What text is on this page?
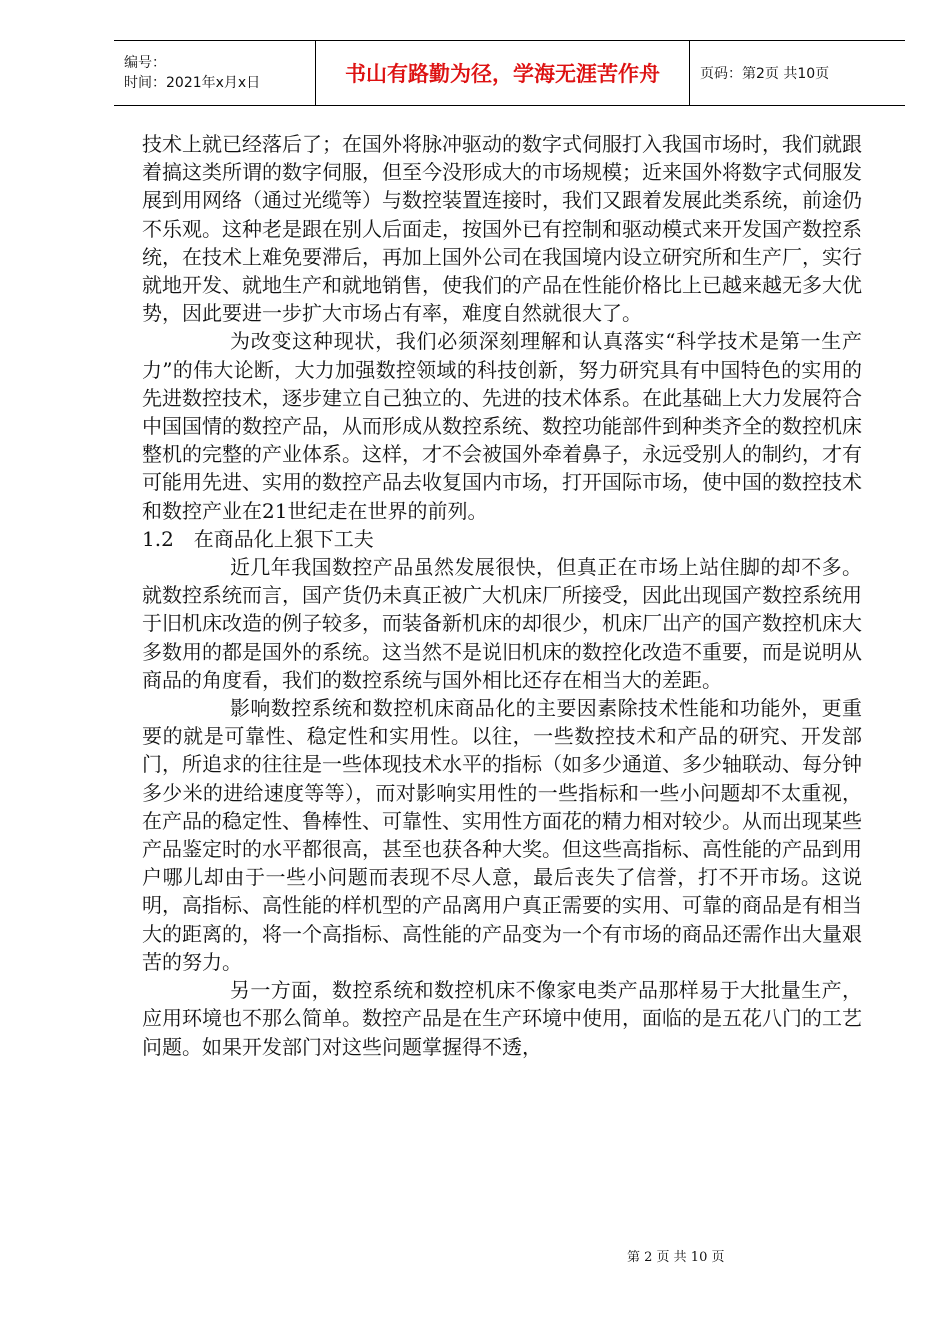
编号：
时间：2021年x月x日	书山有路勤为径，学海无涯苦作舟	页码：第2页 共10页

技术上就已经落后了；在国外将脉冲驱动的数字式伺服打入我国市场时，我们就跟着搞这类所谓的数字伺服，但至今没形成大的市场规模；近来国外将数字式伺服发展到用网络（通过光缆等）与数控装置连接时，我们又跟着发展此类系统，前途仍不乐观。这种老是跟在别人后面走，按国外已有控制和驱动模式来开发国产数控系统，在技术上难免要滞后，再加上国外公司在我国境内设立研究所和生产厂，实行就地开发、就地生产和就地销售，使我们的产品在性能价格比上已越来越无多大优势，因此要进一步扩大市场占有率，难度自然就很大了。

为改变这种现状，我们必须深刻理解和认真落实“科学技术是第一生产力”的伟大论断，大力加强数控领域的科技创新，努力研究具有中国特色的实用的先进数控技术，逐步建立自己独立的、先进的技术体系。在此基础上大力发展符合中国国情的数控产品，从而形成从数控系统、数控功能部件到种类齐全的数控机床整机的完整的产业体系。这样，才不会被国外牵着鼻子，永远受别人的制约，才有可能用先进、实用的数控产品去收复国内市场，打开国际市场，使中国的数控技术和数控产业在21世纪走在世界的前列。

1.2　在商品化上狠下工夫

近几年我国数控产品虽然发展很快，但真正在市场上站住脚的却不多。就数控系统而言，国产货仍未真正被广大机床厂所接受，因此出现国产数控系统用于旧机床改造的例子较多，而装备新机床的却很少，机床厂出产的国产数控机床大多数用的都是国外的系统。这当然不是说旧机床的数控化改造不重要，而是说明从商品的角度看，我们的数控系统与国外相比还存在相当大的差距。

影响数控系统和数控机床商品化的主要因素除技术性能和功能外，更重要的就是可靠性、稳定性和实用性。以往，一些数控技术和产品的研究、开发部门，所追求的往往是一些体现技术水平的指标（如多少通道、多少轴联动、每分钟多少米的进给速度等等），而对影响实用性的一些指标和一些小问题却不太重视，在产品的稳定性、鲁棒性、可靠性、实用性方面花的精力相对较少。从而出现某些产品鉴定时的水平都很高，甚至也获各种大奖。但这些高指标、高性能的产品到用户哪儿却由于一些小问题而表现不尽人意，最后丧失了信誉，打不开市场。这说明，高指标、高性能的样机型的产品离用户真正需要的实用、可靠的商品是有相当大的距离的，将一个高指标、高性能的产品变为一个有市场的商品还需作出大量艰苦的努力。

另一方面，数控系统和数控机床不像家电类产品那样易于大批量生产，应用环境也不那么简单。数控产品是在生产环境中使用，面临的是五花八门的工艺问题。如果开发部门对这些问题掌握得不透，

第 2 页 共 10 页
